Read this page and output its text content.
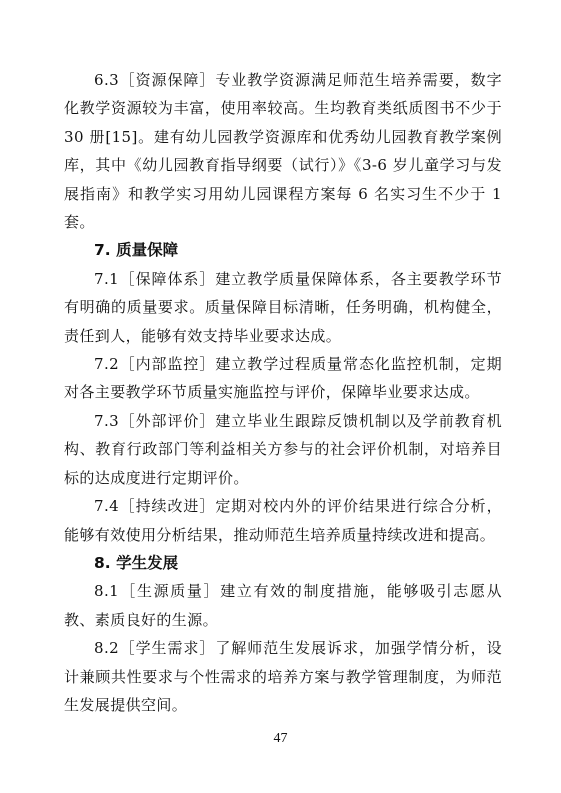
6.3［资源保障］专业教学资源满足师范生培养需要，数字化教学资源较为丰富，使用率较高。生均教育类纸质图书不少于 30 册[15]。建有幼儿园教学资源库和优秀幼儿园教育教学案例库，其中《幼儿园教育指导纲要（试行）》《3-6 岁儿童学习与发展指南》和教学实习用幼儿园课程方案每 6 名实习生不少于 1 套。

7. 质量保障

7.1［保障体系］建立教学质量保障体系，各主要教学环节有明确的质量要求。质量保障目标清晰，任务明确，机构健全，责任到人，能够有效支持毕业要求达成。

7.2［内部监控］建立教学过程质量常态化监控机制，定期对各主要教学环节质量实施监控与评价，保障毕业要求达成。

7.3［外部评价］建立毕业生跟踪反馈机制以及学前教育机构、教育行政部门等利益相关方参与的社会评价机制，对培养目标的达成度进行定期评价。

7.4［持续改进］定期对校内外的评价结果进行综合分析，能够有效使用分析结果，推动师范生培养质量持续改进和提高。

8. 学生发展

8.1［生源质量］建立有效的制度措施，能够吸引志愿从教、素质良好的生源。

8.2［学生需求］了解师范生发展诉求，加强学情分析，设计兼顾共性要求与个性需求的培养方案与教学管理制度，为师范生发展提供空间。

47
